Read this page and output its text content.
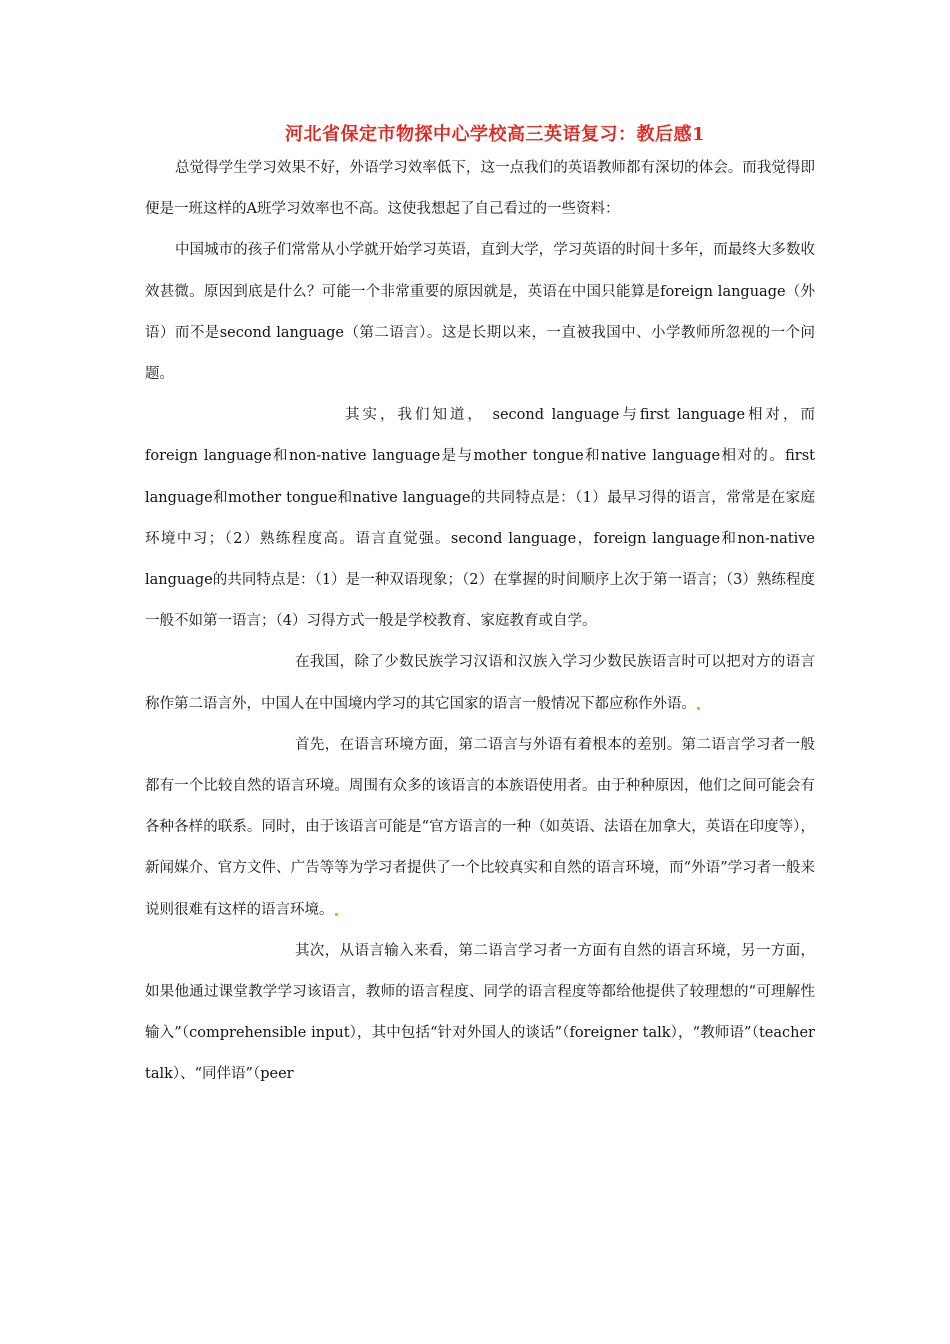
河北省保定市物探中心学校高三英语复习：教后感1

总觉得学生学习效果不好，外语学习效率低下，这一点我们的英语教师都有深切的体会。而我觉得即便是一班这样的A班学习效率也不高。这使我想起了自己看过的一些资料：

中国城市的孩子们常常从小学就开始学习英语，直到大学，学习英语的时间十多年，而最终大多数收效甚微。原因到底是什么？可能一个非常重要的原因就是，英语在中国只能算是foreign language（外语）而不是second language（第二语言）。这是长期以来，一直被我国中、小学教师所忽视的一个问题。

其实，我们知道， second language与first language相对，而foreign language和non-native language是与mother tongue和native language相对的。first language和mother tongue和native language的共同特点是：（1）最早习得的语言，常常是在家庭环境中习；（2）熟练程度高。语言直觉强。second language，foreign language和non-native language的共同特点是：（1）是一种双语现象；（2）在掌握的时间顺序上次于第一语言；（3）熟练程度一般不如第一语言；（4）习得方式一般是学校教育、家庭教育或自学。

在我国，除了少数民族学习汉语和汉族入学习少数民族语言时可以把对方的语言称作第二语言外，中国人在中国境内学习的其它国家的语言一般情况下都应称作外语。

首先，在语言环境方面，第二语言与外语有着根本的差别。第二语言学习者一般都有一个比较自然的语言环境。周围有众多的该语言的本族语使用者。由于种种原因，他们之间可能会有各种各样的联系。同时，由于该语言可能是“官方语言的一种（如英语、法语在加拿大，英语在印度等），新闻媒介、官方文件、广告等等为学习者提供了一个比较真实和自然的语言环境，而“外语”学习者一般来说则很难有这样的语言环境。

其次，从语言输入来看，第二语言学习者一方面有自然的语言环境，另一方面，如果他通过课堂教学学习该语言，教师的语言程度、同学的语言程度等都给他提供了较理想的“可理解性输入”（comprehensible input），其中包括“针对外国人的谈话”（foreigner talk），“教师语”（teacher talk）、“同伴语”（peer
